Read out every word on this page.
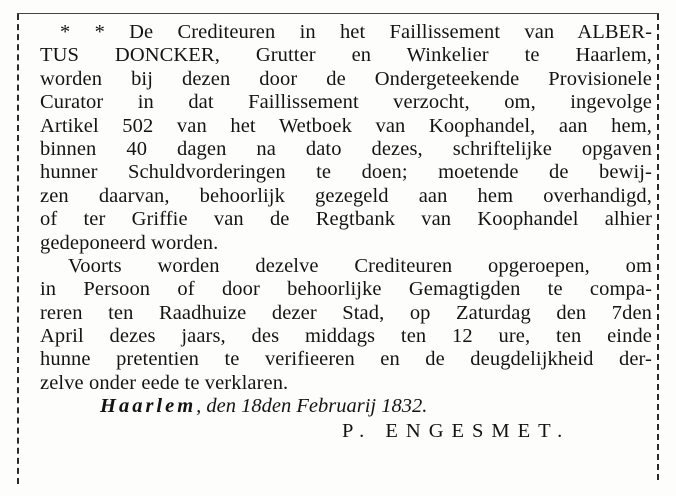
* * De Crediteuren in het Faillissement van ALBER-
TUS DONCKER, Grutter en Winkelier te Haarlem,
worden bij dezen door de Ondergeteekende Provisionele
Curator in dat Faillissement verzocht, om, ingevolge
Artikel 502 van het Wetboek van Koophandel, aan hem,
binnen 40 dagen na dato dezes, schriftelijke opgaven
hunner Schuldvorderingen te doen; moetende de bewij-
zen daarvan, behoorlijk gezegeld aan hem overhandigd,
of ter Griffie van de Regtbank van Koophandel alhier
gedeponeerd worden.
Voorts worden dezelve Crediteuren opgeroepen, om
in Persoon of door behoorlijke Gemagtigden te compa-
reren ten Raadhuize dezer Stad, op Zaturdag den 7den
April dezes jaars, des middags ten 12 ure, ten einde
hunne pretentien te verifieeren en de deugdelijkheid der-
zelve onder eede te verklaren.
Haarlem, den 18den Februarij 1832.
P. ENGESMET.
